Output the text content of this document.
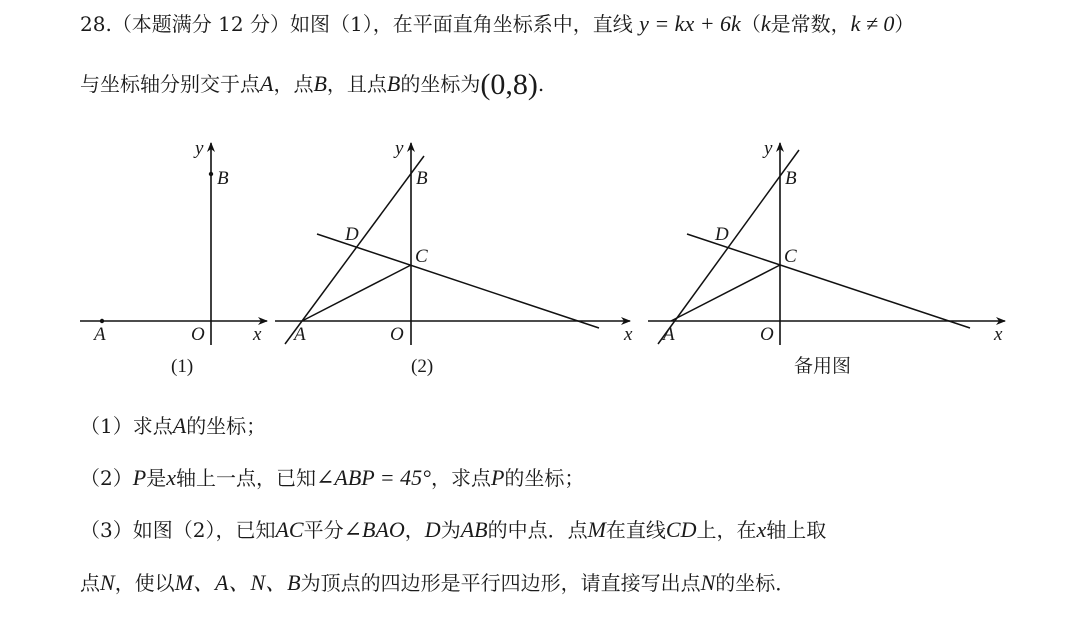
28.（本题满分 12 分）如图（1），在平面直角坐标系中，直线 y = kx + 6k（k是常数，k ≠ 0）
与坐标轴分别交于点A，点B，且点B的坐标为(0,8).
y
B
A	O	x
(1)
y
B
D
C
A	O	x
(2)
y
B
D
C
A	O	x
备用图
（1）求点A的坐标；
（2）P是x轴上一点，已知∠ABP = 45°，求点P的坐标；
（3）如图（2），已知AC平分∠BAO，D为AB的中点．点M在直线CD上，在x轴上取
点N，使以M、A、N、B为顶点的四边形是平行四边形，请直接写出点N的坐标．
